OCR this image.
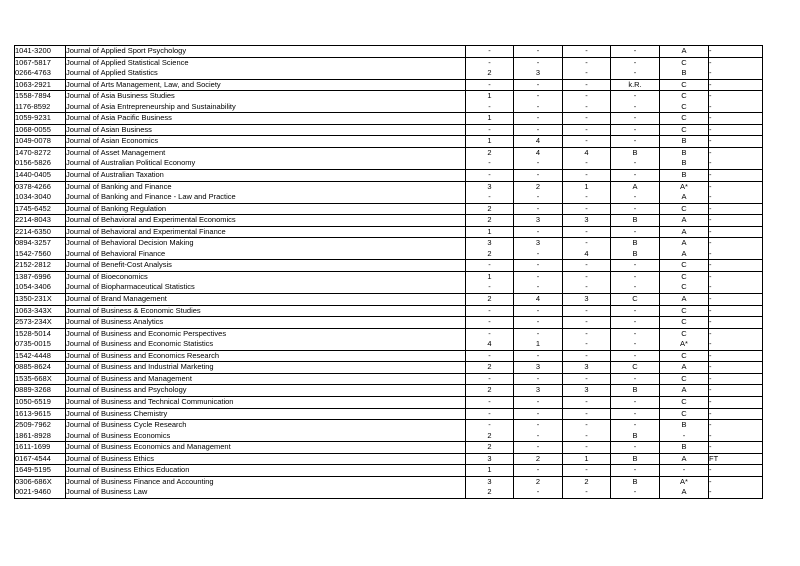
1041-3200	Journal of Applied Sport Psychology	-	-	-	-	A	-
1067-5817	Journal of Applied Statistical Science	-	-	-	-	C	-
0266-4763	Journal of Applied Statistics	2	3	-	-	B	-
1063-2921	Journal of Arts Management, Law, and Society	-	-	-	k.R.	C	-
1558-7894	Journal of Asia Business Studies	1	-	-	-	C	-
1176-8592	Journal of Asia Entrepreneurship and Sustainability	-	-	-	-	C	-
1059-9231	Journal of Asia Pacific Business	1	-	-	-	C	-
1068-0055	Journal of Asian Business	-	-	-	-	C	-
1049-0078	Journal of Asian Economics	1	4	-	-	B	-
1470-8272	Journal of Asset Management	2	4	4	B	B	-
0156-5826	Journal of Australian Political Economy	-	-	-	-	B	-
1440-0405	Journal of Australian Taxation	-	-	-	-	B	-
0378-4266	Journal of Banking and Finance	3	2	1	A	A*	-
1034-3040	Journal of Banking and Finance - Law and Practice	-	-	-	-	A	-
1745-6452	Journal of Banking Regulation	2	-	-	-	C	-
2214-8043	Journal of Behavioral and Experimental Economics	2	3	3	B	A	-
2214-6350	Journal of Behavioral and Experimental Finance	1	-	-	-	A	-
0894-3257	Journal of Behavioral Decision Making	3	3	-	B	A	-
1542-7560	Journal of Behavioral Finance	2	-	4	B	A	-
2152-2812	Journal of Benefit-Cost Analysis	-	-	-	-	C	-
1387-6996	Journal of Bioeconomics	1	-	-	-	C	-
1054-3406	Journal of Biopharmaceutical Statistics	-	-	-	-	C	-
1350-231X	Journal of Brand Management	2	4	3	C	A	-
1063-343X	Journal of Business & Economic Studies	-	-	-	-	C	-
2573-234X	Journal of Business Analytics	-	-	-	-	C	-
1528-5014	Journal of Business and Economic Perspectives	-	-	-	-	C	-
0735-0015	Journal of Business and Economic Statistics	4	1	-	-	A*	-
1542-4448	Journal of Business and Economics Research	-	-	-	-	C	-
0885-8624	Journal of Business and Industrial Marketing	2	3	3	C	A	-
1535-668X	Journal of Business and Management	-	-	-	-	C	-
0889-3268	Journal of Business and Psychology	2	3	3	B	A	-
1050-6519	Journal of Business and Technical Communication	-	-	-	-	C	-
1613-9615	Journal of Business Chemistry	-	-	-	-	C	-
2509-7962	Journal of Business Cycle Research	-	-	-	-	B	-
1861-8928	Journal of Business Economics	2	-	-	B	-	-
1611-1699	Journal of Business Economics and Management	2	-	-	-	B	-
0167-4544	Journal of Business Ethics	3	2	1	B	A	FT
1649-5195	Journal of Business Ethics Education	1	-	-	-	-	-
0306-686X	Journal of Business Finance and Accounting	3	2	2	B	A*	-
0021-9460	Journal of Business Law	2	-	-	-	A	-
